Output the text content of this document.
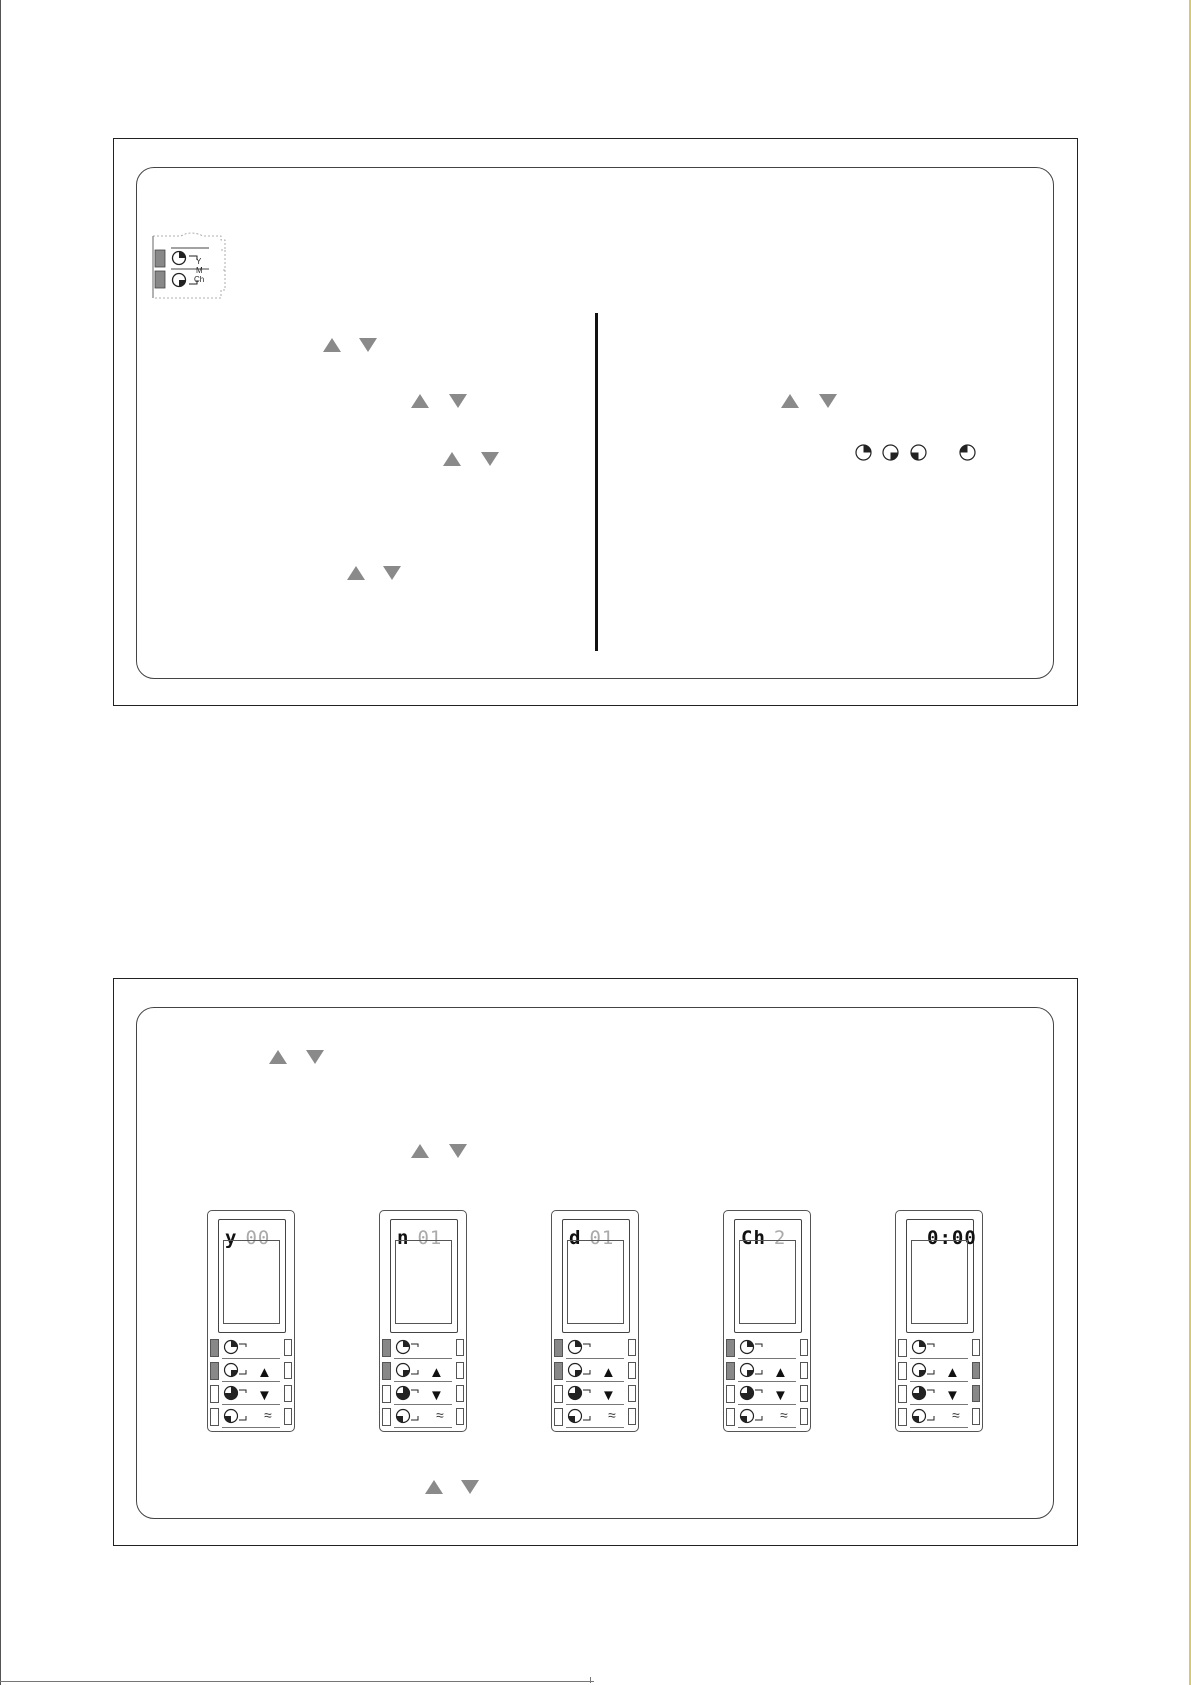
Y
M
Ch
y 00
▲
▼
≈
n 01
▲
▼
≈
d 01
▲
▼
≈
Ch 2
▲
▼
≈
0:00
▲
▼
≈
